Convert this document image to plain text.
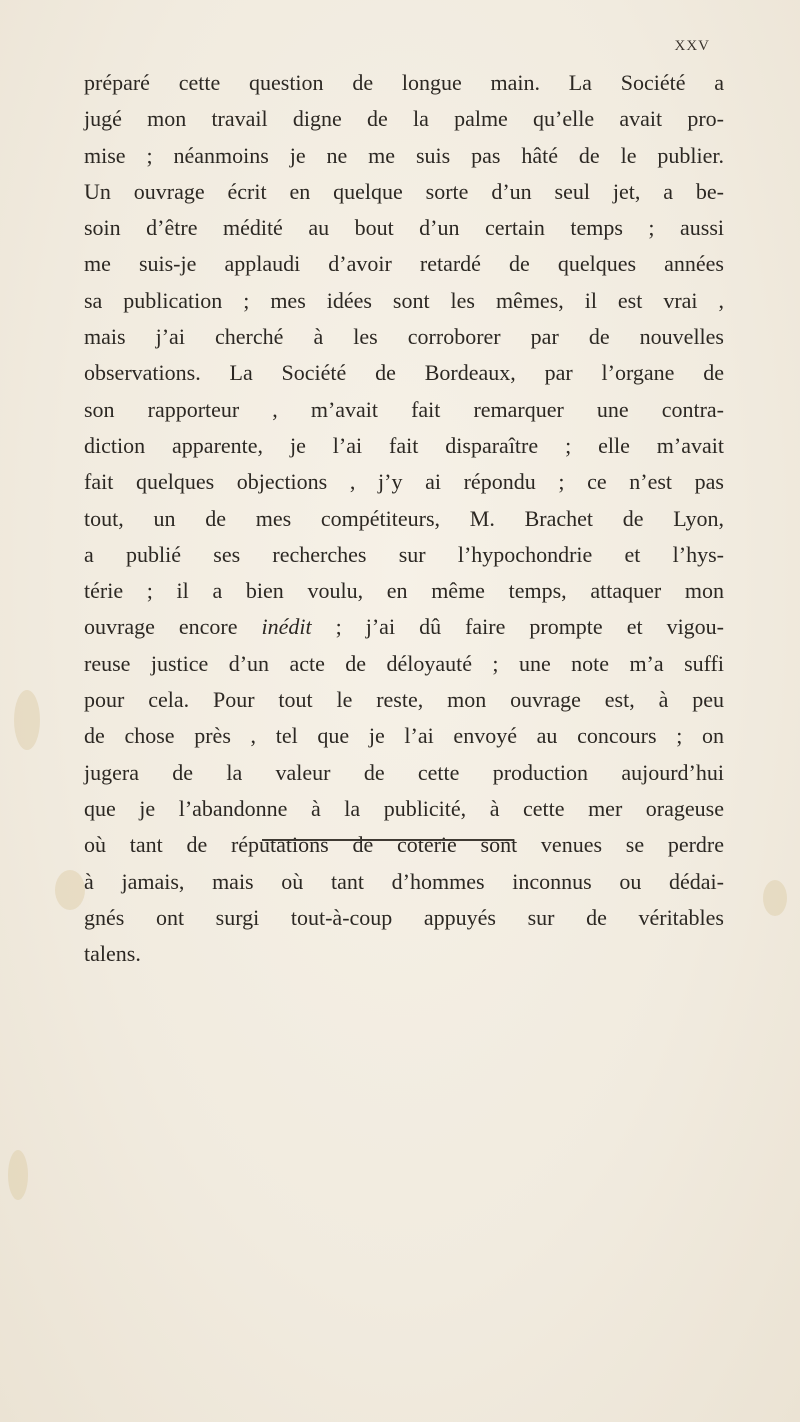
XXV
préparé cette question de longue main. La Société a
jugé mon travail digne de la palme qu’elle avait pro-
mise ; néanmoins je ne me suis pas hâté de le publier.
Un ouvrage écrit en quelque sorte d’un seul jet, a be-
soin d’être médité au bout d’un certain temps ; aussi
me suis-je applaudi d’avoir retardé de quelques années
sa publication ; mes idées sont les mêmes, il est vrai ,
mais j’ai cherché à les corroborer par de nouvelles
observations. La Société de Bordeaux, par l’organe de
son rapporteur , m’avait fait remarquer une contra-
diction apparente, je l’ai fait disparaître ; elle m’avait
fait quelques objections , j’y ai répondu ; ce n’est pas
tout, un de mes compétiteurs, M. Brachet de Lyon,
a publié ses recherches sur l’hypochondrie et l’hys-
térie ; il a bien voulu, en même temps, attaquer mon
ouvrage encore inédit ; j’ai dû faire prompte et vigou-
reuse justice d’un acte de déloyauté ; une note m’a suffi
pour cela. Pour tout le reste, mon ouvrage est, à peu
de chose près , tel que je l’ai envoyé au concours ; on
jugera de la valeur de cette production aujourd’hui
que je l’abandonne à la publicité, à cette mer orageuse
où tant de réputations de coterie sont venues se perdre
à jamais, mais où tant d’hommes inconnus ou dédai-
gnés ont surgi tout-à-coup appuyés sur de véritables
talens.
